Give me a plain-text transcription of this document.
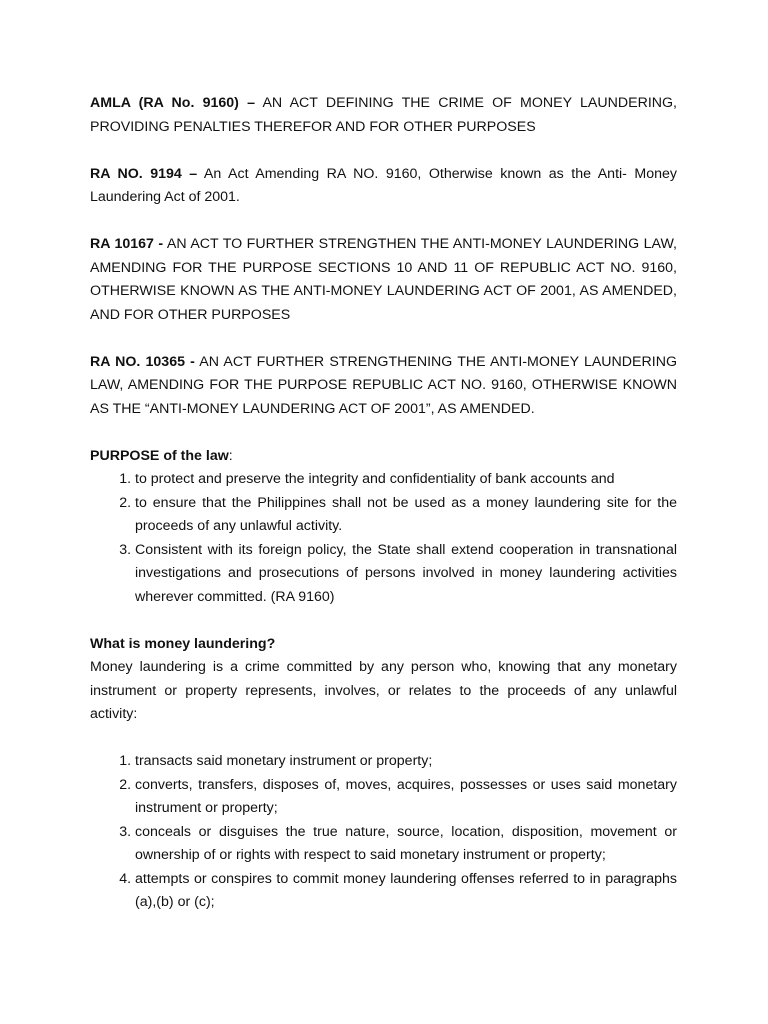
AMLA (RA No. 9160) – AN ACT DEFINING THE CRIME OF MONEY LAUNDERING, PROVIDING PENALTIES THEREFOR AND FOR OTHER PURPOSES

RA NO. 9194 – An Act Amending RA NO. 9160, Otherwise known as the Anti- Money Laundering Act of 2001.

RA 10167 - AN ACT TO FURTHER STRENGTHEN THE ANTI-MONEY LAUNDERING LAW, AMENDING FOR THE PURPOSE SECTIONS 10 AND 11 OF REPUBLIC ACT NO. 9160, OTHERWISE KNOWN AS THE ANTI-MONEY LAUNDERING ACT OF 2001, AS AMENDED, AND FOR OTHER PURPOSES

RA NO. 10365 - AN ACT FURTHER STRENGTHENING THE ANTI-MONEY LAUNDERING LAW, AMENDING FOR THE PURPOSE REPUBLIC ACT NO. 9160, OTHERWISE KNOWN AS THE “ANTI-MONEY LAUNDERING ACT OF 2001”, AS AMENDED.

PURPOSE of the law:

1. to protect and preserve the integrity and confidentiality of bank accounts and
2. to ensure that the Philippines shall not be used as a money laundering site for the proceeds of any unlawful activity.
3. Consistent with its foreign policy, the State shall extend cooperation in transnational investigations and prosecutions of persons involved in money laundering activities wherever committed. (RA 9160)

What is money laundering?

Money laundering is a crime committed by any person who, knowing that any monetary instrument or property represents, involves, or relates to the proceeds of any unlawful activity:

1. transacts said monetary instrument or property;
2. converts, transfers, disposes of, moves, acquires, possesses or uses said monetary instrument or property;
3. conceals or disguises the true nature, source, location, disposition, movement or ownership of or rights with respect to said monetary instrument or property;
4. attempts or conspires to commit money laundering offenses referred to in paragraphs (a),(b) or (c);
